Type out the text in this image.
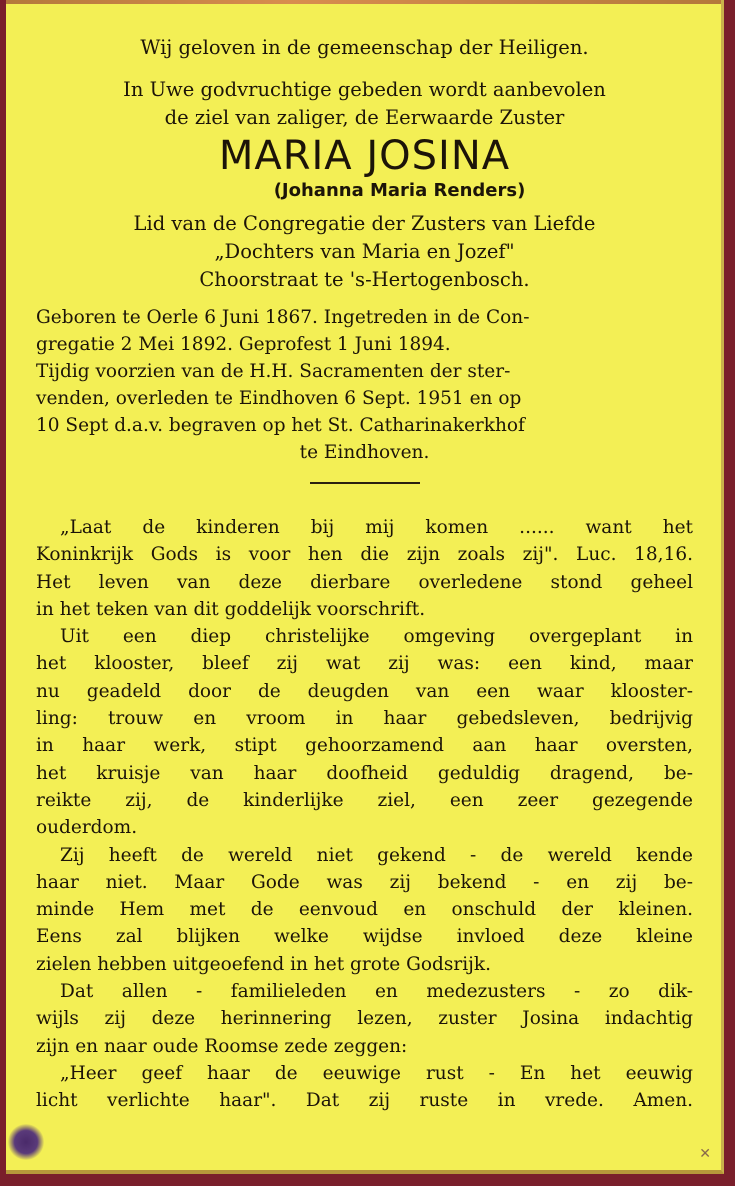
Wij geloven in de gemeenschap der Heiligen.
In Uwe godvruchtige gebeden wordt aanbevolen
de ziel van zaliger, de Eerwaarde Zuster
MARIA JOSINA
(Johanna Maria Renders)
Lid van de Congregatie der Zusters van Liefde
„Dochters van Maria en Jozef"
Choorstraat te 's-Hertogenbosch.
Geboren te Oerle 6 Juni 1867. Ingetreden in de Con-
gregatie 2 Mei 1892. Geprofest 1 Juni 1894.
Tijdig voorzien van de H.H. Sacramenten der ster-
venden, overleden te Eindhoven 6 Sept. 1951 en op
10 Sept d.a.v. begraven op het St. Catharinakerkhof
te Eindhoven.
„Laat de kinderen bij mij komen ...... want het
Koninkrijk Gods is voor hen die zijn zoals zij". Luc. 18,16.
Het leven van deze dierbare overledene stond geheel
in het teken van dit goddelijk voorschrift.
Uit een diep christelijke omgeving overgeplant in
het klooster, bleef zij wat zij was: een kind, maar
nu geadeld door de deugden van een waar klooster-
ling: trouw en vroom in haar gebedsleven, bedrijvig
in haar werk, stipt gehoorzamend aan haar oversten,
het kruisje van haar doofheid geduldig dragend, be-
reikte zij, de kinderlijke ziel, een zeer gezegende
ouderdom.
Zij heeft de wereld niet gekend - de wereld kende
haar niet. Maar Gode was zij bekend - en zij be-
minde Hem met de eenvoud en onschuld der kleinen.
Eens zal blijken welke wijdse invloed deze kleine
zielen hebben uitgeoefend in het grote Godsrijk.
Dat allen - familieleden en medezusters - zo dik-
wijls zij deze herinnering lezen, zuster Josina indachtig
zijn en naar oude Roomse zede zeggen:
„Heer geef haar de eeuwige rust - En het eeuwig
licht verlichte haar". Dat zij ruste in vrede. Amen.
✕
